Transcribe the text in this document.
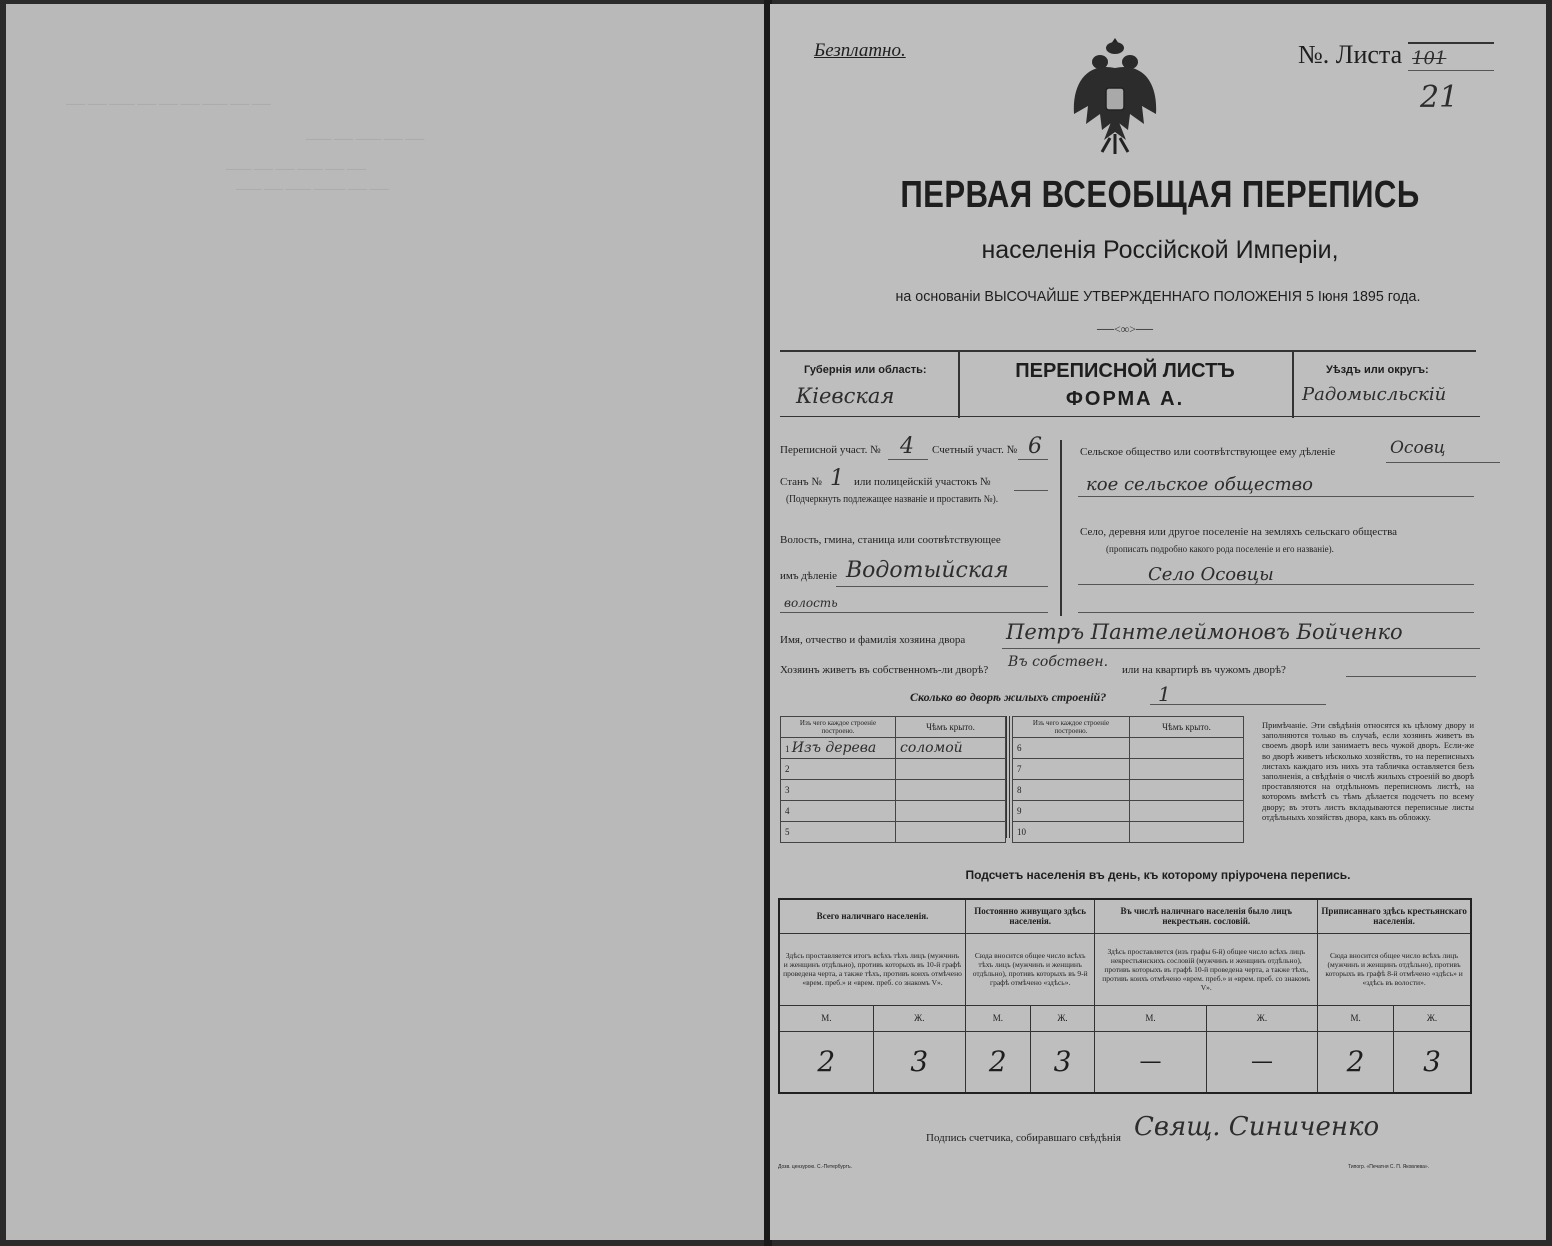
─── ─── ──── ─── ─── ─── ──── ─── ───
──── ─── ──── ─── ───
──── ─── ─── ──── ─── ───
──── ─── ──── ───── ─── ───
Безплатно.	№. Листа 101
21
ПЕРВАЯ ВСЕОБЩАЯ ПЕРЕПИСЬ
населенія Россійской Имперіи,
на основаніи ВЫСОЧАЙШЕ УТВЕРЖДЕННАГО ПОЛОЖЕНІЯ 5 Іюня 1895 года.
──<∞>──
Губернія или область:
Кіевская
ПЕРЕПИСНОЙ ЛИСТЪ
ФОРМА А.
Уѣздъ или округъ:
Радомысльскій
Переписной участ. № 4 Счетный участ. № 6
Станъ № 1 или полицейскій участокъ №
(Подчеркнуть подлежащее названіе и проставить №).
Волость, гмина, станица или соотвѣтствующее
имъ дѣленіе Водотыйская
волость
Сельское общество или соотвѣтствующее ему дѣленіе	Осовц
кое сельское общество
Село, деревня или другое поселеніе на земляхъ сельскаго общества
(прописать подробно какого рода поселеніе и его названіе).
Село Осовцы
Имя, отчество и фамилія хозяина двора Петръ Пантелеймоновъ Бойченко
Хозяинъ живетъ въ собственномъ-ли дворѣ? Въ собствен. или на квартирѣ въ чужомъ дворѣ?
Сколько во дворѣ жилыхъ строеній?	1
Изъ чего каждое строеніе построено.	Чѣмъ крыто.
1 Изъ дерева	соломой
2	
3	
4	
5	
Изъ чего каждое строеніе построено.	Чѣмъ крыто.
6	
7	
8	
9	
10	
Примѣчаніе. Эти свѣдѣнія относятся къ цѣлому двору и заполняются только въ случаѣ, если хозяинъ живетъ въ своемъ дворѣ или занимаетъ весь чужой дворъ. Если-же во дворѣ живетъ нѣсколько хозяйствъ, то на переписныхъ листахъ каждаго изъ нихъ эта табличка оставляется безъ заполненія, а свѣдѣнія о числѣ жилыхъ строеній во дворѣ проставляются на отдѣльномъ переписномъ листѣ, на которомъ вмѣстѣ съ тѣмъ дѣлается подсчетъ по всему двору; въ этотъ листъ вкладываются переписные листы отдѣльныхъ хозяйствъ двора, какъ въ обложку.
Подсчетъ населенія въ день, къ которому пріурочена перепись.
Всего наличнаго населенія.		Постоянно живущаго здѣсь населенія.		Въ числѣ наличнаго населенія было лицъ некрестьян. сословій.		Приписаннаго здѣсь крестьянскаго населенія.	
Здѣсь проставляется итогъ всѣхъ тѣхъ лицъ (мужчинъ и женщинъ отдѣльно), противъ которыхъ въ 10-й графѣ проведена черта, а также тѣхъ, противъ коихъ отмѣчено «врем. преб.» и «врем. преб. со знакомъ V».		Сюда вносится общее число всѣхъ тѣхъ лицъ (мужчинъ и женщинъ отдѣльно), противъ которыхъ въ 9-й графѣ отмѣчено «здѣсь».		Здѣсь проставляется (изъ графы 6-й) общее число всѣхъ лицъ некрестьянскихъ сословій (мужчинъ и женщинъ отдѣльно), противъ которыхъ въ графѣ 10-й проведена черта, а также тѣхъ, противъ коихъ отмѣчено «врем. преб.» и «врем. преб. со знакомъ V».		Сюда вносится общее число всѣхъ лицъ (мужчинъ и женщинъ отдѣльно), противъ которыхъ въ графѣ 8-й отмѣчено «здѣсь» и «здѣсь въ волости».	
М.	Ж.	М.	Ж.	М.	Ж.	М.	Ж.
2	3	2	3	—	—	2	3
Подпись счетчика, собиравшаго свѣдѣнія Свящ. Синиченко
Дозв. цензурою. С.-Петербургъ.	Типогр. «Печатня С. П. Яковлева».
